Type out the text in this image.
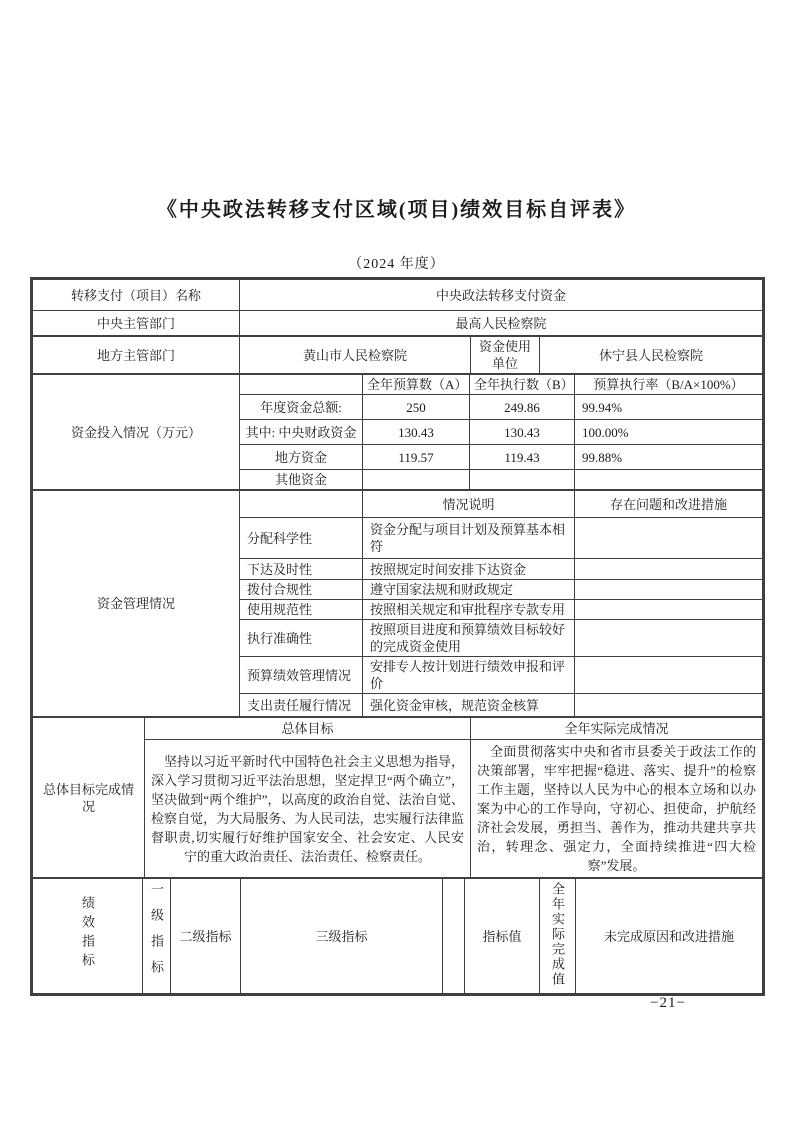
《中央政法转移支付区域(项目)绩效目标自评表》
（2024 年度）
转移支付（项目）名称	中央政法转移支付资金
中央主管部门	最高人民检察院
地方主管部门	黄山市人民检察院	资金使用单位	休宁县人民检察院
资金投入情况（万元）		全年预算数（A）	全年执行数（B）	预算执行率（B/A×100%）
	年度资金总额:	250	249.86	99.94%
	其中: 中央财政资金	130.43	130.43	100.00%
	地方资金	119.57	119.43	99.88%
	其他资金			
资金管理情况		情况说明	存在问题和改进措施
	分配科学性	资金分配与项目计划及预算基本相符	
	下达及时性	按照规定时间安排下达资金	
	拨付合规性	遵守国家法规和财政规定	
	使用规范性	按照相关规定和审批程序专款专用	
	执行准确性	按照项目进度和预算绩效目标较好的完成资金使用	
	预算绩效管理情况	安排专人按计划进行绩效申报和评价	
	支出责任履行情况	强化资金审核，规范资金核算	
总体目标完成情况	总体目标	全年实际完成情况

	坚持以习近平新时代中国特色社会主义思想为指导，深入学习贯彻习近平法治思想，坚定捍卫“两个确立”，坚决做到“两个维护”，以高度的政治自觉、法治自觉、检察自觉，为大局服务、为人民司法，忠实履行法律监督职责,切实履行好维护国家安全、社会安定、人民安宁的重大政治责任、法治责任、检察责任。	全面贯彻落实中央和省市县委关于政法工作的决策部署，牢牢把握“稳进、落实、提升”的检察工作主题，坚持以人民为中心的根本立场和以办案为中心的工作导向，守初心、担使命，护航经济社会发展，勇担当、善作为，推动共建共享共治，转理念、强定力，全面持续推进“四大检察”发展。
绩效指标	一级指标	二级指标	三级指标		指标值	全年实际完成值	未完成原因和改进措施
−21−
